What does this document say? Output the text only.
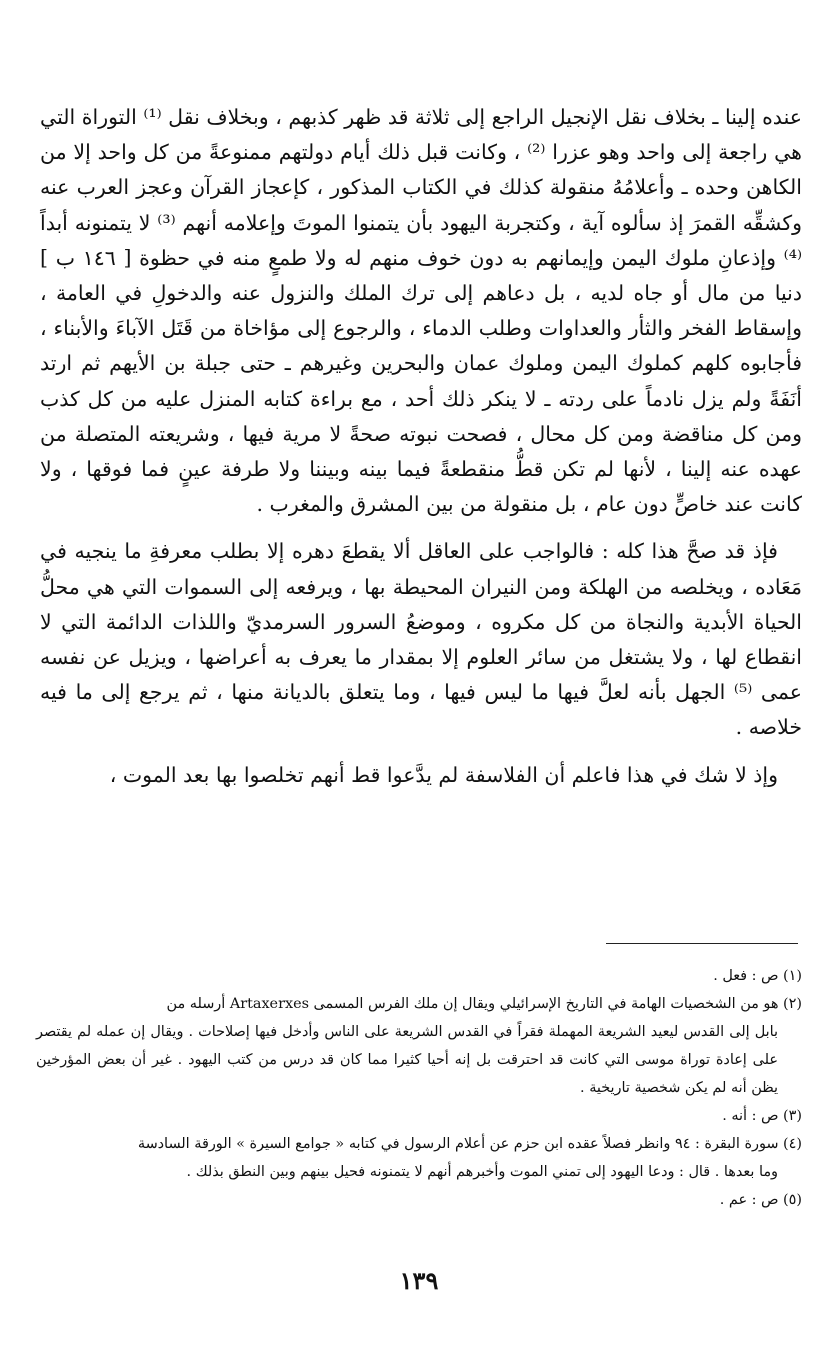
عنده إلينا ـ بخلاف نقل الإنجيل الراجع إلى ثلاثة قد ظهر كذبهم ، وبخلاف نقل ⁽¹⁾ التوراة التي هي راجعة إلى واحد وهو عزرا ⁽²⁾ ، وكانت قبل ذلك أيام دولتهم ممنوعةً من كل واحد إلا من الكاهن وحده ـ وأعلامُهُ منقولة كذلك في الكتاب المذكور ، كإعجاز القرآن وعجز العرب عنه وكشقِّه القمرَ إذ سألوه آية ، وكتجربة اليهود بأن يتمنوا الموتَ وإعلامه أنهم ⁽³⁾ لا يتمنونه أبداً ⁽⁴⁾ وإذعانِ ملوك اليمن وإيمانهم به دون خوف منهم له ولا طمعٍ منه في حظوة [ ١٤٦ ب ] دنيا من مال أو جاه لديه ، بل دعاهم إلى ترك الملك والنزول عنه والدخولِ في العامة ، وإسقاط الفخر والثأر والعداوات وطلب الدماء ، والرجوع إلى مؤاخاة من قَتَل الآباءَ والأبناء ، فأجابوه كلهم كملوك اليمن وملوك عمان والبحرين وغيرهم ـ حتى جبلة بن الأيهم ثم ارتد أنَفَةً ولم يزل نادماً على ردته ـ لا ينكر ذلك أحد ، مع براءة كتابه المنزل عليه من كل كذب ومن كل مناقضة ومن كل محال ، فصحت نبوته صحةً لا مرية فيها ، وشريعته المتصلة من عهده عنه إلينا ، لأنها لم تكن قطُّ منقطعةً فيما بينه وبيننا ولا طرفة عينٍ فما فوقها ، ولا كانت عند خاصٍّ دون عام ، بل منقولة من بين المشرق والمغرب .

فإذ قد صحَّ هذا كله : فالواجب على العاقل ألا يقطعَ دهره إلا بطلب معرفةِ ما ينجيه في مَعَاده ، ويخلصه من الهلكة ومن النيران المحيطة بها ، ويرفعه إلى السموات التي هي محلُّ الحياة الأبدية والنجاة من كل مكروه ، وموضعُ السرور السرمديّ واللذات الدائمة التي لا انقطاع لها ، ولا يشتغل من سائر العلوم إلا بمقدار ما يعرف به أعراضها ، ويزيل عن نفسه عمى ⁽⁵⁾ الجهل بأنه لعلَّ فيها ما ليس فيها ، وما يتعلق بالديانة منها ، ثم يرجع إلى ما فيه خلاصه .

وإذ لا شك في هذا فاعلم أن الفلاسفة لم يدَّعوا قط أنهم تخلصوا بها بعد الموت ،

(١) ص : فعل .

(٢) هو من الشخصيات الهامة في التاريخ الإسرائيلي ويقال إن ملك الفرس المسمى Artaxerxes أرسله من

بابل إلى القدس ليعيد الشريعة المهملة فقراً في القدس الشريعة على الناس وأدخل فيها إصلاحات . ويقال إن عمله لم يقتصر على إعادة توراة موسى التي كانت قد احترقت بل إنه أحيا كثيرا مما كان قد درس من كتب اليهود . غير أن بعض المؤرخين يظن أنه لم يكن شخصية تاريخية .

(٣) ص : أنه .

(٤) سورة البقرة : ٩٤ وانظر فصلاً عقده ابن حزم عن أعلام الرسول في كتابه « جوامع السيرة » الورقة السادسة

وما بعدها . قال : ودعا اليهود إلى تمني الموت وأخبرهم أنهم لا يتمنونه فحيل بينهم وبين النطق بذلك .

(٥) ص : عم .

١٣٩
